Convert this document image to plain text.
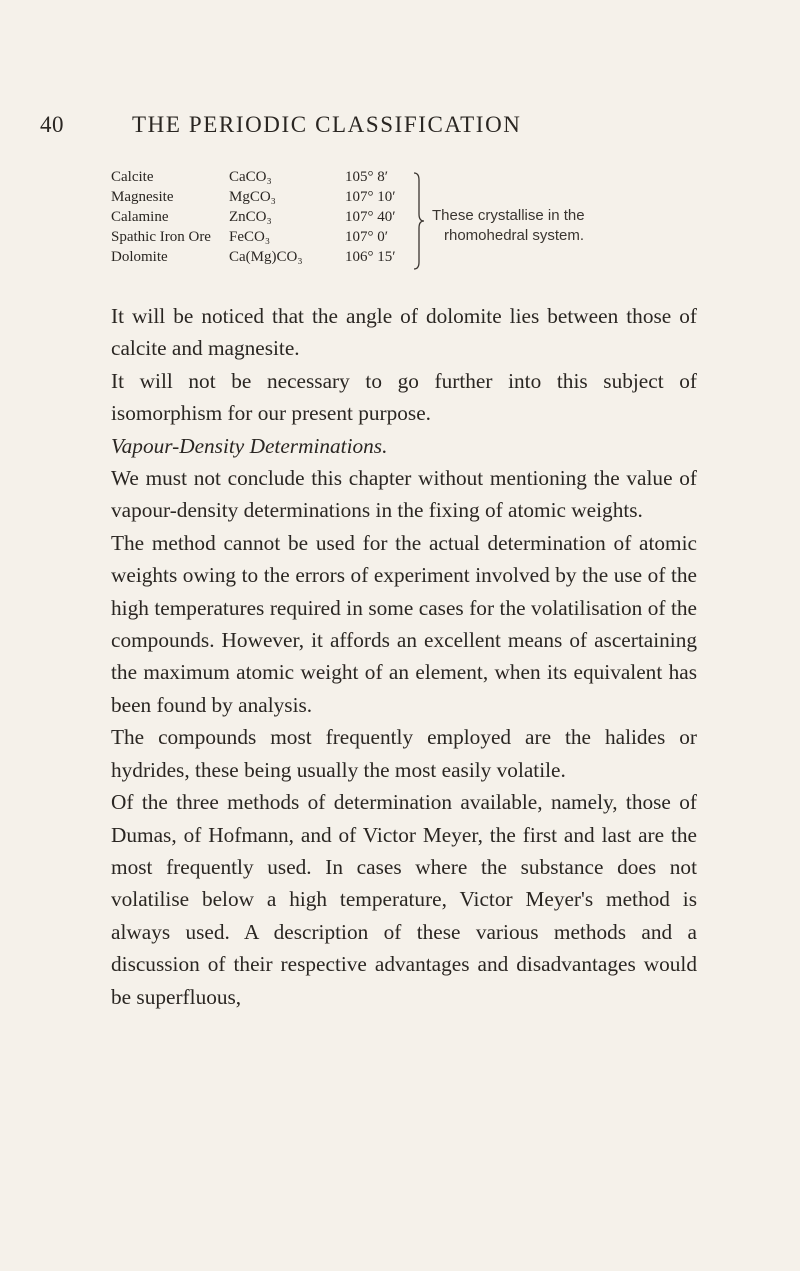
40	THE PERIODIC CLASSIFICATION
Calcite	CaCO₃	105° 8′
Magnesite	MgCO₃	107° 10′
Calamine	ZnCO₃	107° 40′
Spathic Iron Ore FeCO₃	107° 0′
Dolomite	Ca(Mg)CO₃	106° 15′
These crystallise in the
rhomohedral system.

It will be noticed that the angle of dolomite lies between those of calcite and magnesite.

It will not be necessary to go further into this subject of isomorphism for our present purpose.

Vapour-Density Determinations.

We must not conclude this chapter without mentioning the value of vapour-density determinations in the fixing of atomic weights.

The method cannot be used for the actual determination of atomic weights owing to the errors of experiment involved by the use of the high temperatures required in some cases for the volatilisation of the compounds. However, it affords an excellent means of ascertaining the maximum atomic weight of an element, when its equivalent has been found by analysis.

The compounds most frequently employed are the halides or hydrides, these being usually the most easily volatile.

Of the three methods of determination available, namely, those of Dumas, of Hofmann, and of Victor Meyer, the first and last are the most frequently used. In cases where the substance does not volatilise below a high temperature, Victor Meyer's method is always used. A description of these various methods and a discussion of their respective advantages and disadvantages would be superfluous,
